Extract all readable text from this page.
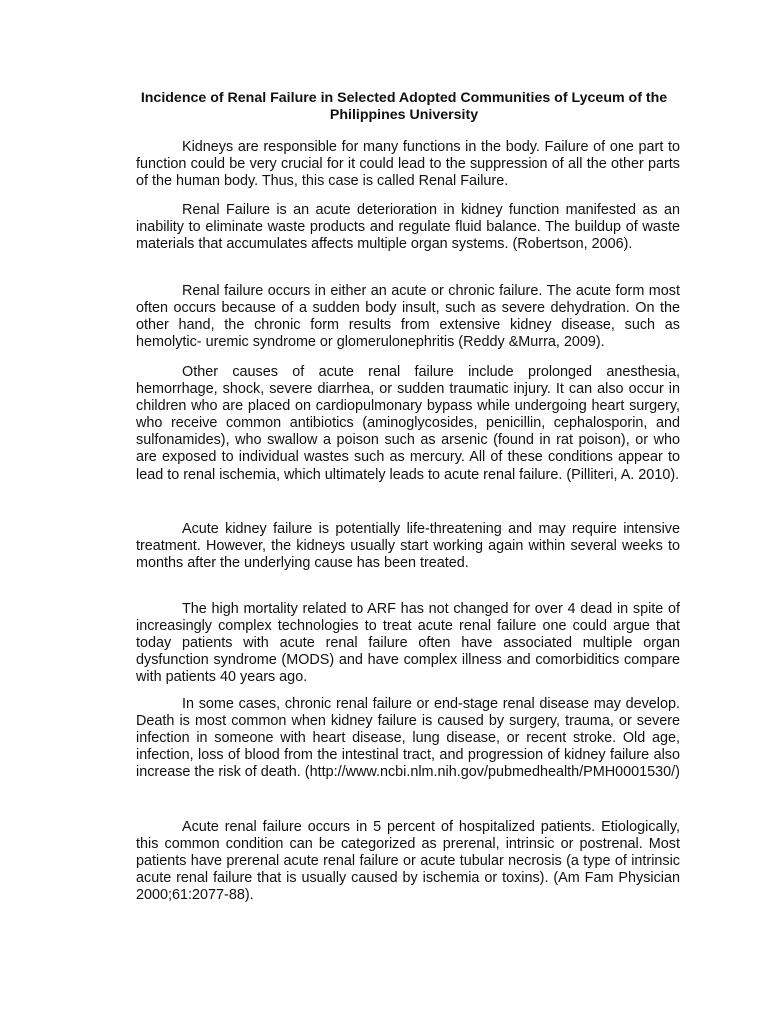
Incidence of Renal Failure in Selected Adopted Communities of Lyceum of the Philippines University

Kidneys are responsible for many functions in the body. Failure of one part to function could be very crucial for it could lead to the suppression of all the other parts of the human body. Thus, this case is called Renal Failure.

Renal Failure is an acute deterioration in kidney function manifested as an inability to eliminate waste products and regulate fluid balance. The buildup of waste materials that accumulates affects multiple organ systems. (Robertson, 2006).

Renal failure occurs in either an acute or chronic failure. The acute form most often occurs because of a sudden body insult, such as severe dehydration. On the other hand, the chronic form results from extensive kidney disease, such as hemolytic- uremic syndrome or glomerulonephritis (Reddy &Murra, 2009).

Other causes of acute renal failure include prolonged anesthesia, hemorrhage, shock, severe diarrhea, or sudden traumatic injury. It can also occur in children who are placed on cardiopulmonary bypass while undergoing heart surgery, who receive common antibiotics (aminoglycosides, penicillin, cephalosporin, and sulfonamides), who swallow a poison such as arsenic (found in rat poison), or who are exposed to individual wastes such as mercury. All of these conditions appear to lead to renal ischemia, which ultimately leads to acute renal failure. (Pilliteri, A. 2010).

Acute kidney failure is potentially life-threatening and may require intensive treatment. However, the kidneys usually start working again within several weeks to months after the underlying cause has been treated.

The high mortality related to ARF has not changed for over 4 dead in spite of increasingly complex technologies to treat acute renal failure one could argue that today patients with acute renal failure often have associated multiple organ dysfunction syndrome (MODS) and have complex illness and comorbiditics compare with patients 40 years ago.

In some cases, chronic renal failure or end-stage renal disease may develop. Death is most common when kidney failure is caused by surgery, trauma, or severe infection in someone with heart disease, lung disease, or recent stroke. Old age, infection, loss of blood from the intestinal tract, and progression of kidney failure also increase the risk of death. (http://www.ncbi.nlm.nih.gov/pubmedhealth/PMH0001530/)

Acute renal failure occurs in 5 percent of hospitalized patients. Etiologically, this common condition can be categorized as prerenal, intrinsic or postrenal. Most patients have prerenal acute renal failure or acute tubular necrosis (a type of intrinsic acute renal failure that is usually caused by ischemia or toxins). (Am Fam Physician 2000;61:2077-88).
